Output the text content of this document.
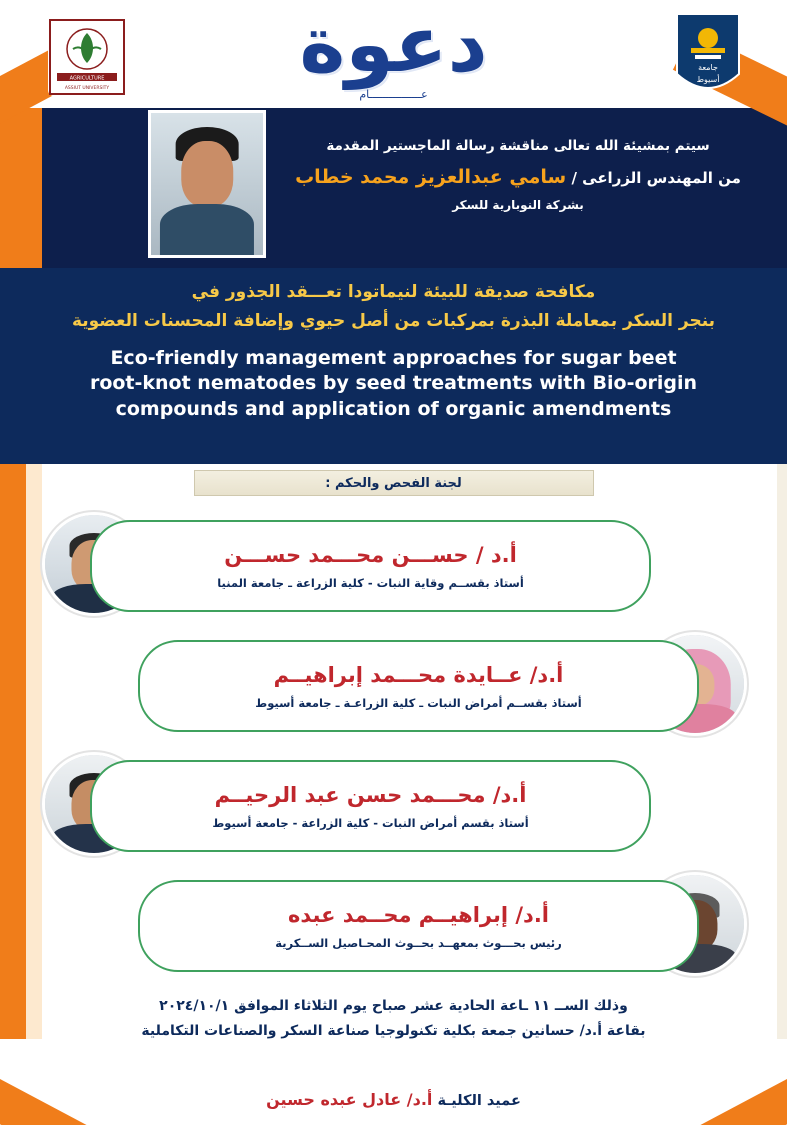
AGRICULTURE
ASSIUT UNIVERSITY
جامعة
أسيوط
دعوة
عــــــــــــــــام
سيتم بمشيئة الله تعالى مناقشة رسالة الماجستير المقدمة
من المهندس الزراعى / سامي عبدالعزيز محمد خطاب
بشركة النوبارية للسكر
مكافحة صديقة للبيئة لنيماتودا تعـــقد الجذور في
بنجر السكر بمعاملة البذرة بمركبات من أصل حيوي وإضافة المحسنات العضوية
Eco-friendly management approaches for sugar beet
root-knot nematodes by seed treatments with Bio-origin
compounds and application of organic amendments
لجنة الفحص والحكم :
أ.د / حســـن محـــمد حســـن
أستاذ بقســم وقاية النبات - كلية الزراعة ـ جامعة المنيا
أ.د/ عــايدة محـــمد إبراهيــم
أستاذ بقســم أمراض النبات ـ كلية الزراعـة ـ جامعة أسيوط
أ.د/ محـــمد حسن عبد الرحيــم
أستاذ بقسم أمراض النبات - كلية الزراعة - جامعة أسيوط
أ.د/ إبراهيــم محــمد عبده
رئيس بحـــوث بمعهــد بحــوث المحـاصيل الســكرية
وذلك الســ ١١ ـاعة الحادية عشر صباح يوم الثلاثاء الموافق ٢٠٢٤/١٠/١
بقاعة أ.د/ حسانين جمعة بكلية تكنولوجيا صناعة السكر والصناعات التكاملية
عميد الكليـة أ.د/ عادل عبده حسين
